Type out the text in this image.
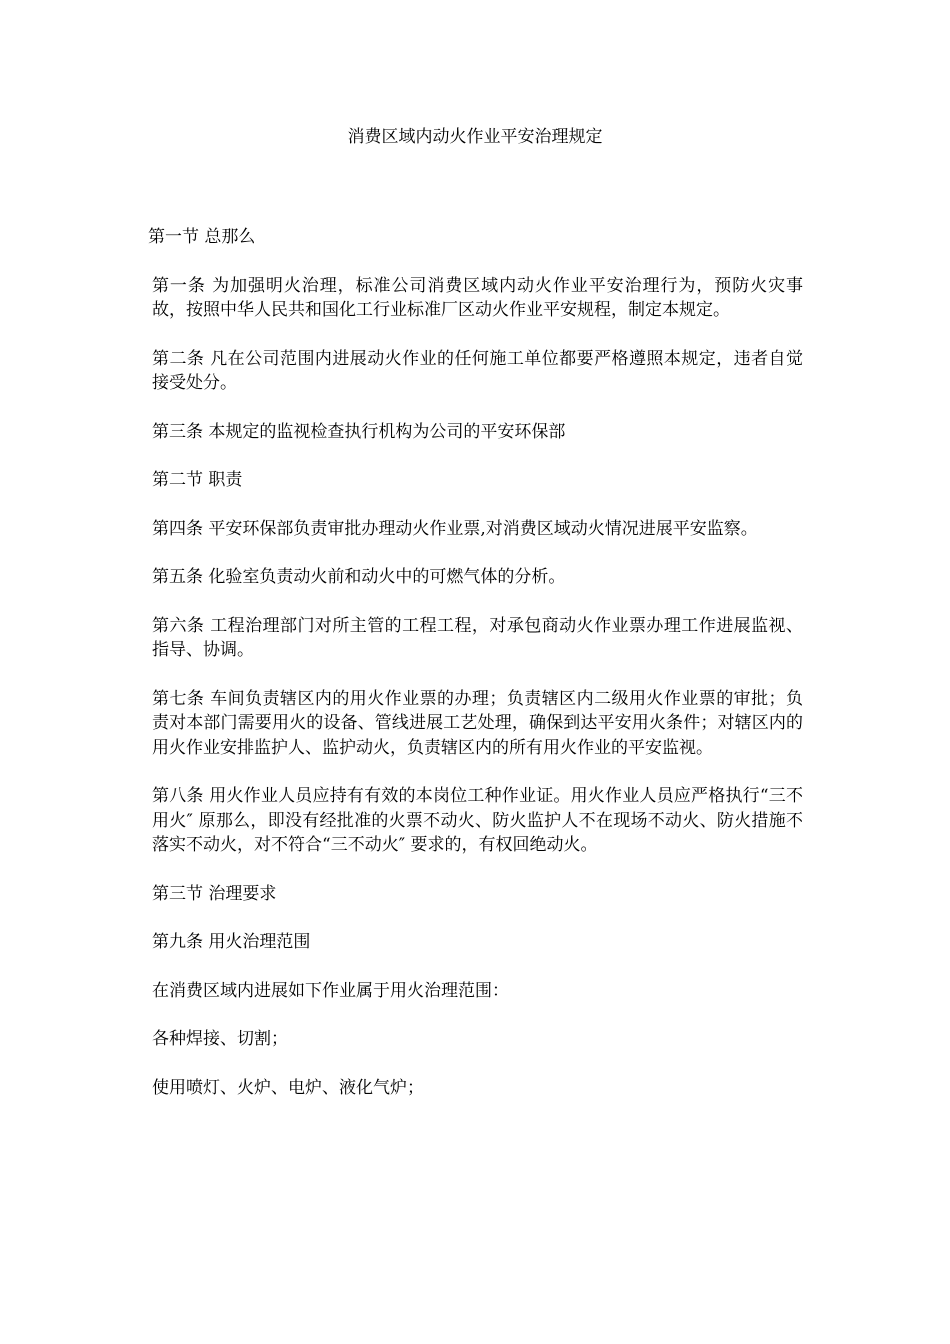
消费区域内动火作业平安治理规定

第一节 总那么

第一条 为加强明火治理，标准公司消费区域内动火作业平安治理行为，预防火灾事故，按照中华人民共和国化工行业标准厂区动火作业平安规程，制定本规定。

第二条 凡在公司范围内进展动火作业的任何施工单位都要严格遵照本规定，违者自觉接受处分。

第三条 本规定的监视检查执行机构为公司的平安环保部

第二节 职责

第四条 平安环保部负责审批办理动火作业票,对消费区域动火情况进展平安监察。

第五条 化验室负责动火前和动火中的可燃气体的分析。

第六条 工程治理部门对所主管的工程工程，对承包商动火作业票办理工作进展监视、指导、协调。

第七条 车间负责辖区内的用火作业票的办理；负责辖区内二级用火作业票的审批；负责对本部门需要用火的设备、管线进展工艺处理，确保到达平安用火条件；对辖区内的用火作业安排监护人、监护动火，负责辖区内的所有用火作业的平安监视。

第八条 用火作业人员应持有有效的本岗位工种作业证。用火作业人员应严格执行“三不用火″ 原那么，即没有经批准的火票不动火、防火监护人不在现场不动火、防火措施不落实不动火，对不符合“三不动火″ 要求的，有权回绝动火。

第三节 治理要求

第九条 用火治理范围

在消费区域内进展如下作业属于用火治理范围：

各种焊接、切割；

使用喷灯、火炉、电炉、液化气炉；
